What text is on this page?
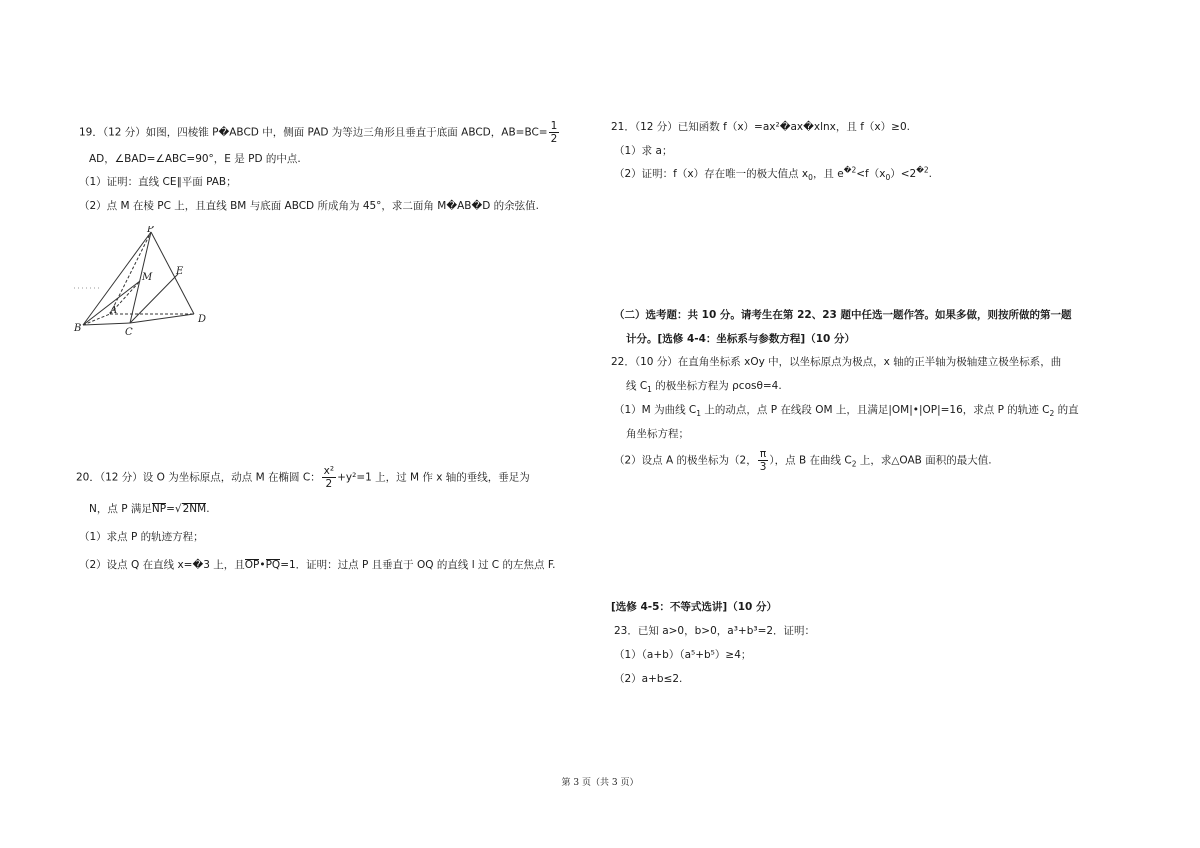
19．（12 分）如图，四棱锥 P�ABCD 中，侧面 PAD 为等边三角形且垂直于底面 ABCD，$AB=BC= \frac{1}{2}$
AD，∠BAD=∠ABC=90°，E 是 PD 的中点.
（1）证明：直线 CE∥平面 PAB；
（2）点 M 在棱 PC 上，且直线 BM 与底面 ABCD 所成角为 45°，求二面角 M�AB�D 的余弦值.
P
M
E
A
B	C
D
20．（12 分）设 O 为坐标原点，动点 M 在椭圆 C： $\frac{\text{x²}}{2} +y^2=1$ 上，过 M 作 x 轴的垂线，垂足为
N，点 P 满足NP=√2NM.
（1）求点 P 的轨迹方程；
（2）设点 Q 在直线 x=�3 上，且OP•PQ=1．证明：过点 P 且垂直于 OQ 的直线 l 过 C 的左焦点 F.
21．（12 分）已知函数 f（x）=ax²�ax�xlnx，且 f（x）≥0.
（1）求 a；
（2）证明：f（x）存在唯一的极大值点 $x_0$，且 $e^{�2}<f(x_0)<2^{�2}$.
（二）选考题：共 10 分。请考生在第 22、23 题中任选一题作答。如果多做，则按所做的第一题
计分。[选修 4-4：坐标系与参数方程]（10 分）
22．（10 分）在直角坐标系 xOy 中，以坐标原点为极点，x 轴的正半轴为极轴建立极坐标系，曲
线 $C_1$ 的极坐标方程为 ρcosθ=4.
（1）M 为曲线 $C_1$ 上的动点，点 P 在线段 OM 上，且满足|OM|•|OP|=16，求点 P 的轨迹 $C_2$ 的直
角坐标方程；
（2）设点 A 的极坐标为（2， $\frac{\pi}{3}$ ），点 B 在曲线 $C_2$ 上，求△OAB 面积的最大值.
[选修 4-5：不等式选讲]（10 分）
23．已知 a>0，b>0，a³+b³=2．证明：
（1）（a+b）（a⁵+b⁵）≥4；
（2）a+b≤2.
第 3 页（共 3 页）
